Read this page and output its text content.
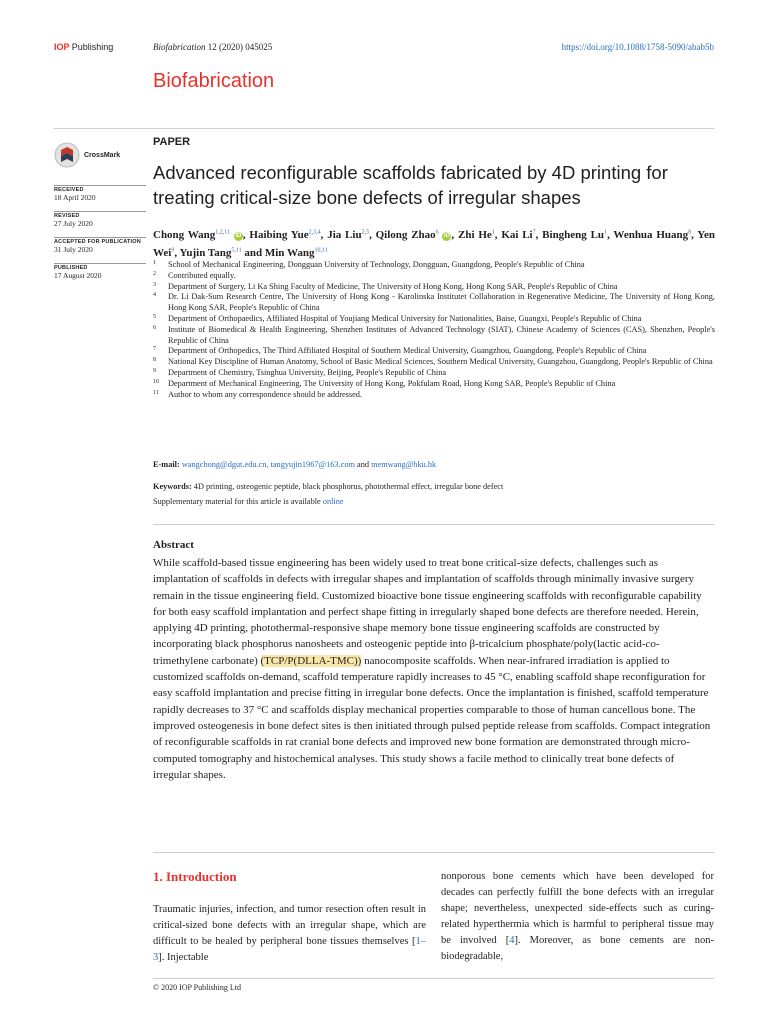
IOP Publishing	Biofabrication 12 (2020) 045025	https://doi.org/10.1088/1758-5090/abab5b
Biofabrication
CrossMark
RECEIVED
18 April 2020
REVISED
27 July 2020
ACCEPTED FOR PUBLICATION
31 July 2020
PUBLISHED
17 August 2020
PAPER
Advanced reconfigurable scaffolds fabricated by 4D printing for treating critical-size bone defects of irregular shapes
Chong Wang$^{1,2,11}$ iD , Haibing Yue$^{2,3,4}$, Jia Liu$^{2,5}$, Qilong Zhao$^6$ iD , Zhi He$^1$, Kai Li$^7$, Bingheng Lu$^1$, Wenhua Huang$^8$, Yen Wei$^9$, Yujin Tang$^{5,11}$ and Min Wang$^{10,11}$
1 School of Mechanical Engineering, Dongguan University of Technology, Dongguan, Guangdong, People's Republic of China
2 Contributed equally.
3 Department of Surgery, Li Ka Shing Faculty of Medicine, The University of Hong Kong, Hong Kong SAR, People's Republic of China
4 Dr. Li Dak-Sum Research Centre, The University of Hong Kong - Karolinska Institutet Collaboration in Regenerative Medicine, The University of Hong Kong, Hong Kong SAR, People's Republic of China
5 Department of Orthopaedics, Affiliated Hospital of Youjiang Medical University for Nationalities, Baise, Guangxi, People's Republic of China
6 Institute of Biomedical & Health Engineering, Shenzhen Institutes of Advanced Technology (SIAT), Chinese Academy of Sciences (CAS), Shenzhen, People's Republic of China
7 Department of Orthopedics, The Third Affiliated Hospital of Southern Medical University, Guangzhou, Guangdong, People's Republic of China
8 National Key Discipline of Human Anatomy, School of Basic Medical Sciences, Southern Medical University, Guangzhou, Guangdong, People's Republic of China
9 Department of Chemistry, Tsinghua University, Beijing, People's Republic of China
10 Department of Mechanical Engineering, The University of Hong Kong, Pokfulam Road, Hong Kong SAR, People's Republic of China
11 Author to whom any correspondence should be addressed.
E-mail: wangchong@dgut.edu.cn, tangyujin1967@163.com and memwang@hku.hk
Keywords: 4D printing, osteogenic peptide, black phosphorus, photothermal effect, irregular bone defect
Supplementary material for this article is available online
Abstract
While scaffold-based tissue engineering has been widely used to treat bone critical-size defects, challenges such as implantation of scaffolds in defects with irregular shapes and implantation of scaffolds through minimally invasive surgery remain in the tissue engineering field. Customized bioactive bone tissue engineering scaffolds with reconfigurable capability for both easy scaffold implantation and perfect shape fitting in irregularly shaped bone defects are therefore needed. Herein, applying 4D printing, photothermal-responsive shape memory bone tissue engineering scaffolds are constructed by incorporating black phosphorus nanosheets and osteogenic peptide into β-tricalcium phosphate/poly(lactic acid-co-trimethylene carbonate) (TCP/P(DLLA-TMC)) nanocomposite scaffolds. When near-infrared irradiation is applied to customized scaffolds on-demand, scaffold temperature rapidly increases to 45 °C, enabling scaffold shape reconfiguration for easy scaffold implantation and precise fitting in irregular bone defects. Once the implantation is finished, scaffold temperature rapidly decreases to 37 °C and scaffolds display mechanical properties comparable to those of human cancellous bone. The improved osteogenesis in bone defect sites is then initiated through pulsed peptide release from scaffolds. Compact integration of reconfigurable scaffolds in rat cranial bone defects and improved new bone formation are demonstrated through micro-computed tomography and histochemical analyses. This study shows a facile method to clinically treat bone defects of irregular shapes.
1. Introduction
Traumatic injuries, infection, and tumor resection often result in critical-sized bone defects with an irregular shape, which are difficult to be healed by peripheral bone tissues themselves [1–3]. Injectable
nonporous bone cements which have been developed for decades can perfectly fulfill the bone defects with an irregular shape; nevertheless, unexpected side-effects such as curing-related hyperthermia which is harmful to peripheral tissue may be involved [4]. Moreover, as bone cements are non-biodegradable,
© 2020 IOP Publishing Ltd
